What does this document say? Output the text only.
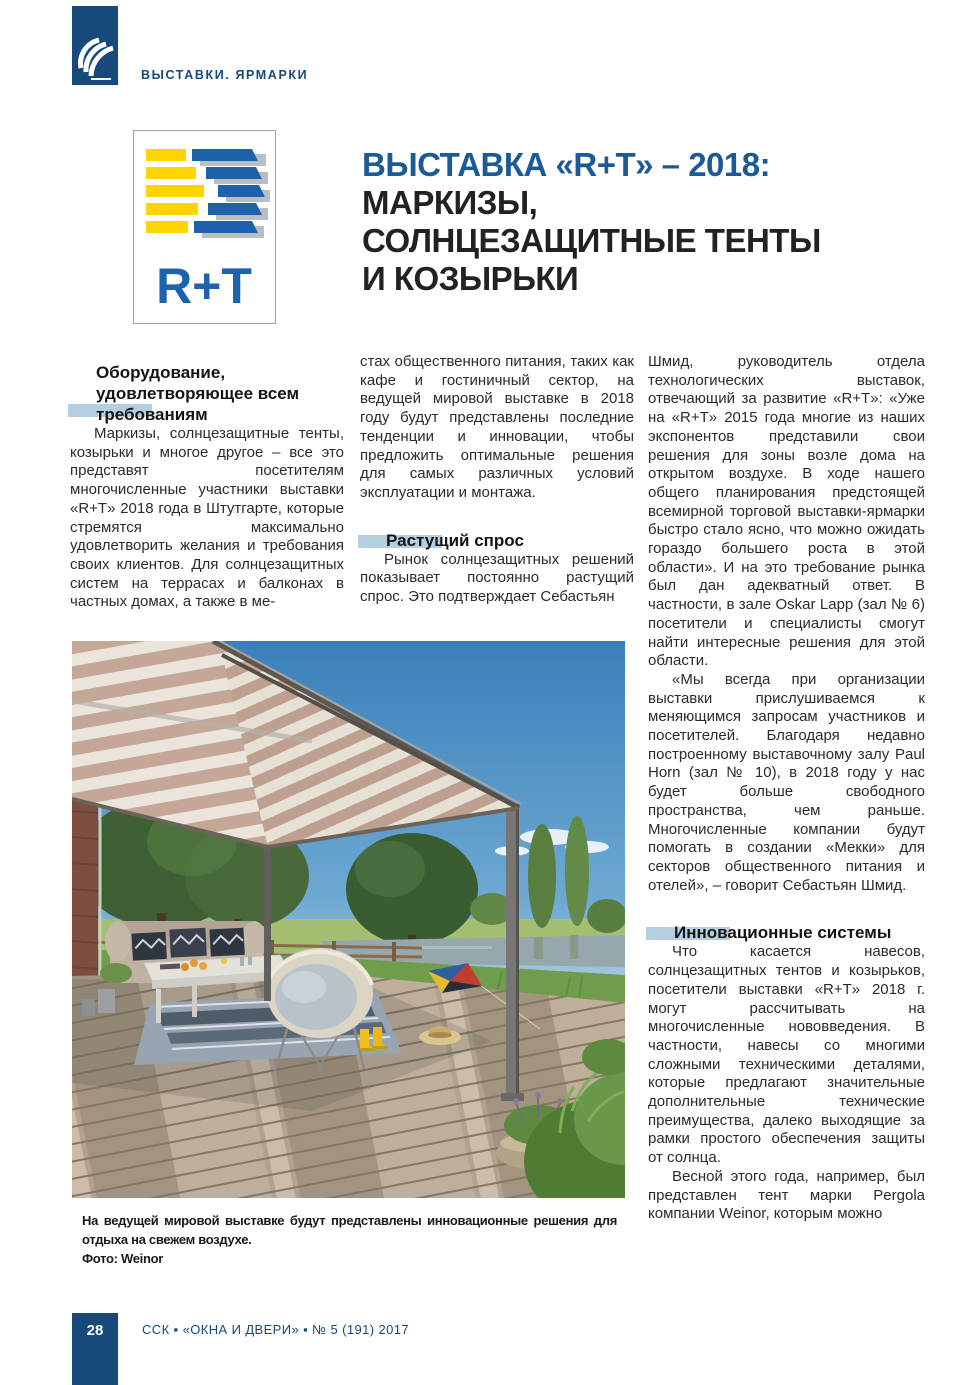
ВЫСТАВКИ. ЯРМАРКИ
R+T
ВЫСТАВКА «R+T» – 2018:
МАРКИЗЫ,
СОЛНЦЕЗАЩИТНЫЕ ТЕНТЫ
И КОЗЫРЬКИ
Оборудование,
удовлетворяющее всем
требованиям

Маркизы, солнцезащитные тенты, козырьки и многое другое – все это представят посетителям многочисленные участники выставки «R+T» 2018 года в Штутгарте, которые стремятся максимально удовлетворить желания и требования своих клиентов. Для солнцезащитных систем на террасах и балконах в частных домах, а также в ме-

стах общественного питания, таких как кафе и гостиничный сектор, на ведущей мировой выставке в 2018 году будут представлены последние тенденции и инновации, чтобы предложить оптимальные решения для самых различных условий эксплуатации и монтажа.

Растущий спрос

Рынок солнцезащитных решений показывает постоянно растущий спрос. Это подтверждает Себастьян

Шмид, руководитель отдела технологических выставок, отвечающий за развитие «R+T»: «Уже на «R+T» 2015 года многие из наших экспонентов представили свои решения для зоны возле дома на открытом воздухе. В ходе нашего общего планирования предстоящей всемирной торговой выставки-ярмарки быстро стало ясно, что можно ожидать гораздо большего роста в этой области». И на это требование рынка был дан адекватный ответ. В частности, в зале Oskar Lapp (зал № 6) посетители и специалисты смогут найти интересные решения для этой области.

«Мы всегда при организации выставки прислушиваемся к меняющимся запросам участников и посетителей. Благодаря недавно построенному выставочному залу Paul Horn (зал № 10), в 2018 году у нас будет больше свободного пространства, чем раньше. Многочисленные компании будут помогать в создании «Мекки» для секторов общественного питания и отелей», – говорит Себастьян Шмид.

Инновационные системы

Что касается навесов, солнцезащитных тентов и козырьков, посетители выставки «R+T» 2018 г. могут рассчитывать на многочисленные нововведения. В частности, навесы со многими сложными техническими деталями, которые предлагают значительные дополнительные технические преимущества, далеко выходящие за рамки простого обеспечения защиты от солнца.

Весной этого года, например, был представлен тент марки Pergola компании Weinor, которым можно

На ведущей мировой выставке будут представлены инновационные решения для отдыха на свежем воздухе.
Фото: Weinor
28	ССК ▪ «ОКНА И ДВЕРИ» ▪ № 5 (191) 2017
